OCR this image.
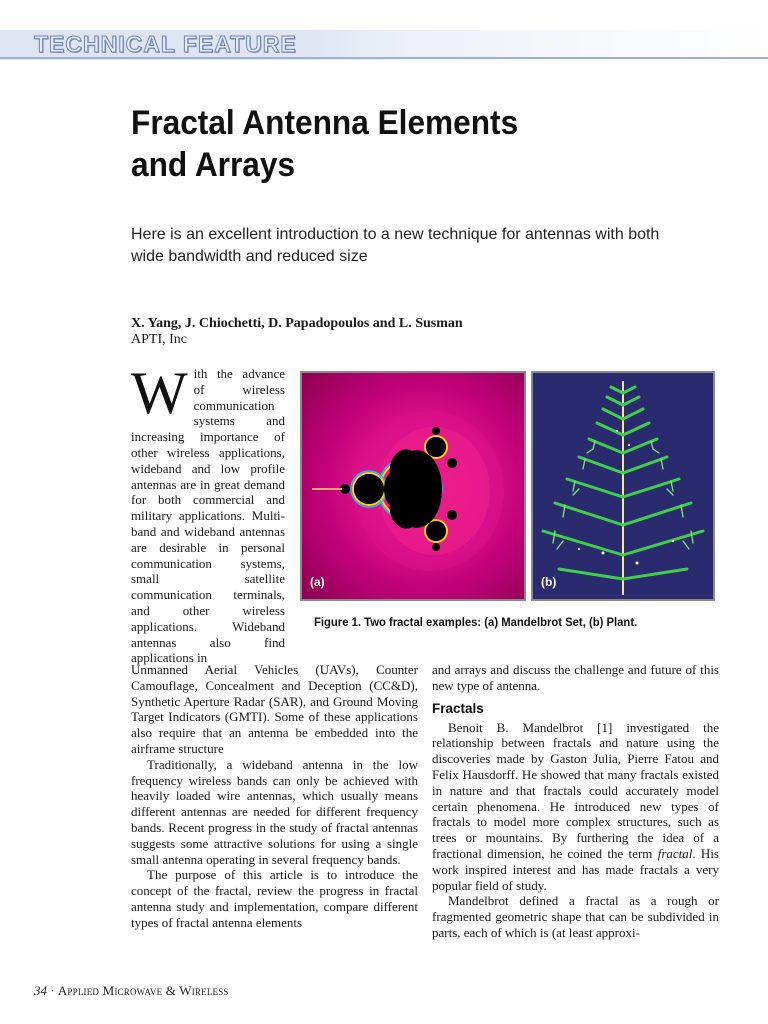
TECHNICAL FEATURE
Fractal Antenna Elements
and Arrays

Here is an excellent introduction to a new technique for antennas with both wide bandwidth and reduced size

X. Yang, J. Chiochetti, D. Papadopoulos and L. Susman
APTI, Inc
W ith the advance of wireless communication systems and increasing importance of other wireless applications, wideband and low profile antennas are in great demand for both commercial and military applications. Multi-band and wideband antennas are desirable in personal communication systems, small satellite communication terminals, and other wireless applications. Wideband antennas also find applications in
(a)	(b)
Figure 1. Two fractal examples: (a) Mandelbrot Set, (b) Plant.

Unmanned Aerial Vehicles (UAVs), Counter Camouflage, Concealment and Deception (CC&D), Synthetic Aperture Radar (SAR), and Ground Moving Target Indicators (GMTI). Some of these applications also require that an antenna be embedded into the airframe structure

Traditionally, a wideband antenna in the low frequency wireless bands can only be achieved with heavily loaded wire antennas, which usually means different antennas are needed for different frequency bands. Recent progress in the study of fractal antennas suggests some attractive solutions for using a single small antenna operating in several frequency bands.

The purpose of this article is to introduce the concept of the fractal, review the progress in fractal antenna study and implementation, compare different types of fractal antenna elements

and arrays and discuss the challenge and future of this new type of antenna.

Fractals

Benoit B. Mandelbrot [1] investigated the relationship between fractals and nature using the discoveries made by Gaston Julia, Pierre Fatou and Felix Hausdorff. He showed that many fractals existed in nature and that fractals could accurately model certain phenomena. He introduced new types of fractals to model more complex structures, such as trees or mountains. By furthering the idea of a fractional dimension, he coined the term fractal. His work inspired interest and has made fractals a very popular field of study.

Mandelbrot defined a fractal as a rough or fragmented geometric shape that can be subdivided in parts, each of which is (at least approxi-

34 · Applied Microwave & Wireless
